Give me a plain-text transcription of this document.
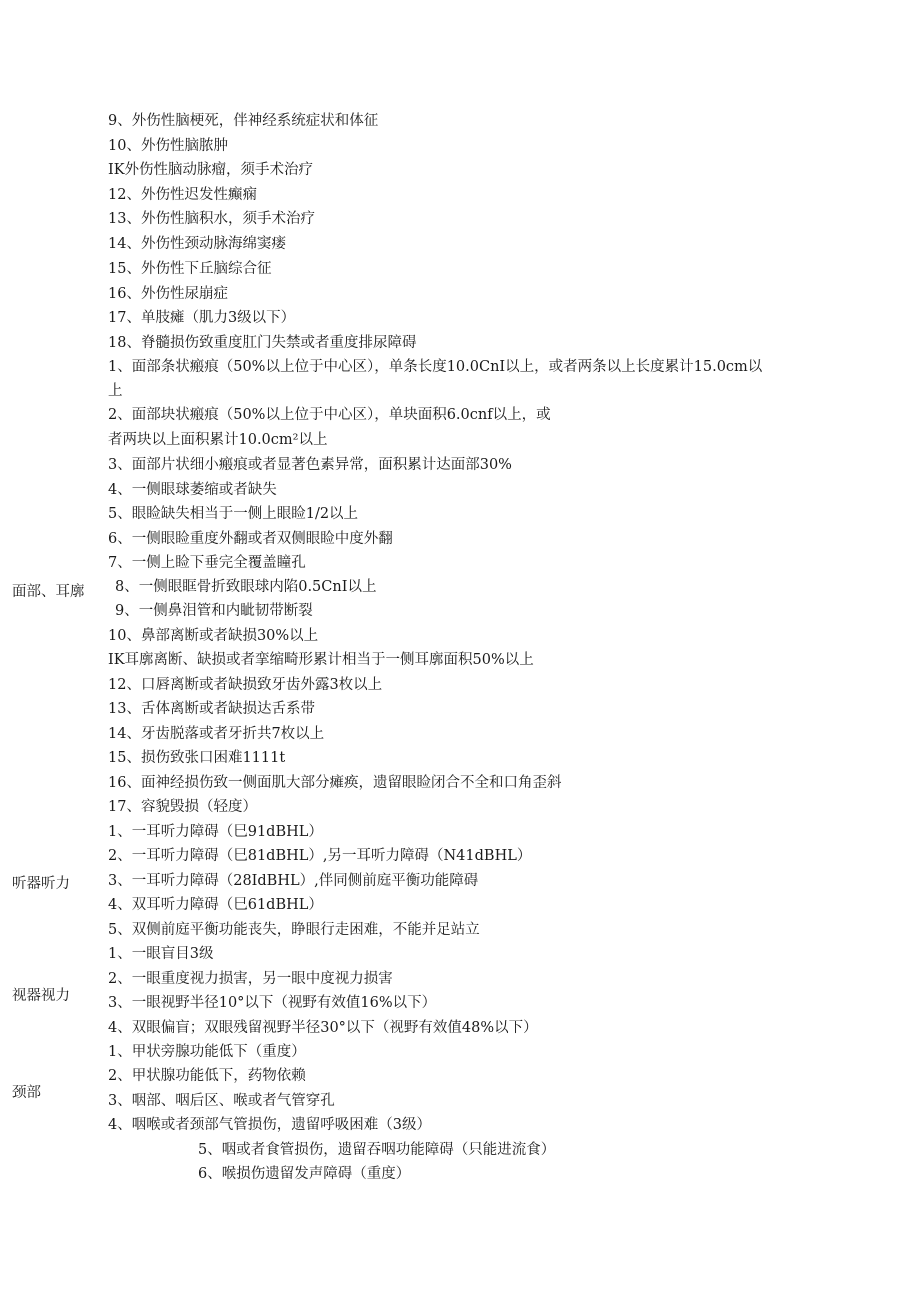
9、外伤性脑梗死，伴神经系统症状和体征
10、外伤性脑脓肿
IK外伤性脑动脉瘤，须手术治疗
12、外伤性迟发性癫痫
13、外伤性脑积水，须手术治疗
14、外伤性颈动脉海绵窦瘘
15、外伤性下丘脑综合征
16、外伤性尿崩症
17、单肢瘫（肌力3级以下）
18、脊髓损伤致重度肛门失禁或者重度排尿障碍
面部、耳廓
1、面部条状瘢痕（50%以上位于中心区），单条长度10.0CnI以上，或者两条以上长度累计15.0cm以
上
2、面部块状瘢痕（50%以上位于中心区），单块面积6.0cnf以上，或
者两块以上面积累计10.0cm²以上
3、面部片状细小瘢痕或者显著色素异常，面积累计达面部30%
4、一侧眼球萎缩或者缺失
5、眼睑缺失相当于一侧上眼睑1/2以上
6、一侧眼睑重度外翻或者双侧眼睑中度外翻
7、一侧上睑下垂完全覆盖瞳孔
8、一侧眼眶骨折致眼球内陷0.5CnI以上
9、一侧鼻泪管和内眦韧带断裂
10、鼻部离断或者缺损30%以上
IK耳廓离断、缺损或者挛缩畸形累计相当于一侧耳廓面积50%以上
12、口唇离断或者缺损致牙齿外露3枚以上
13、舌体离断或者缺损达舌系带
14、牙齿脱落或者牙折共7枚以上
15、损伤致张口困难1111t
16、面神经损伤致一侧面肌大部分瘫痪，遗留眼睑闭合不全和口角歪斜
17、容貌毁损（轻度）
听器听力
1、一耳听力障碍（巳91dBHL）
2、一耳听力障碍（巳81dBHL）,另一耳听力障碍（N41dBHL）
3、一耳听力障碍（28IdBHL）,伴同侧前庭平衡功能障碍
4、双耳听力障碍（巳61dBHL）
5、双侧前庭平衡功能丧失，睁眼行走困难，不能并足站立
视器视力
1、一眼盲目3级
2、一眼重度视力损害，另一眼中度视力损害
3、一眼视野半径10°以下（视野有效值16%以下）
4、双眼偏盲；双眼残留视野半径30°以下（视野有效值48%以下）
颈部
1、甲状旁腺功能低下（重度）
2、甲状腺功能低下，药物依赖
3、咽部、咽后区、喉或者气管穿孔
4、咽喉或者颈部气管损伤，遗留呼吸困难（3级）
5、咽或者食管损伤，遗留吞咽功能障碍（只能进流食）
6、喉损伤遗留发声障碍（重度）
